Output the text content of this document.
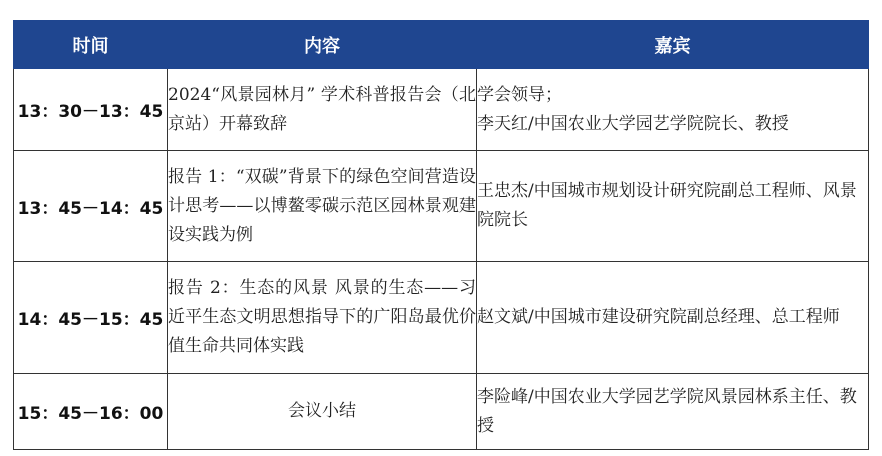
时间	内容	嘉宾
13：30－13：45	2024“风景园林月” 学术科普报告会（北京站）开幕致辞	学会领导；
李天红/中国农业大学园艺学院院长、教授

13：45－14：45	报告 1：“双碳”背景下的绿色空间营造设计思考——以博鳌零碳示范区园林景观建设实践为例	王忠杰/中国城市规划设计研究院副总工程师、风景院院长

14：45－15：45	报告 2：生态的风景 风景的生态——习近平生态文明思想指导下的广阳岛最优价值生命共同体实践	赵文斌/中国城市建设研究院副总经理、总工程师

15：45－16：00	会议小结	李险峰/中国农业大学园艺学院风景园林系主任、教授
